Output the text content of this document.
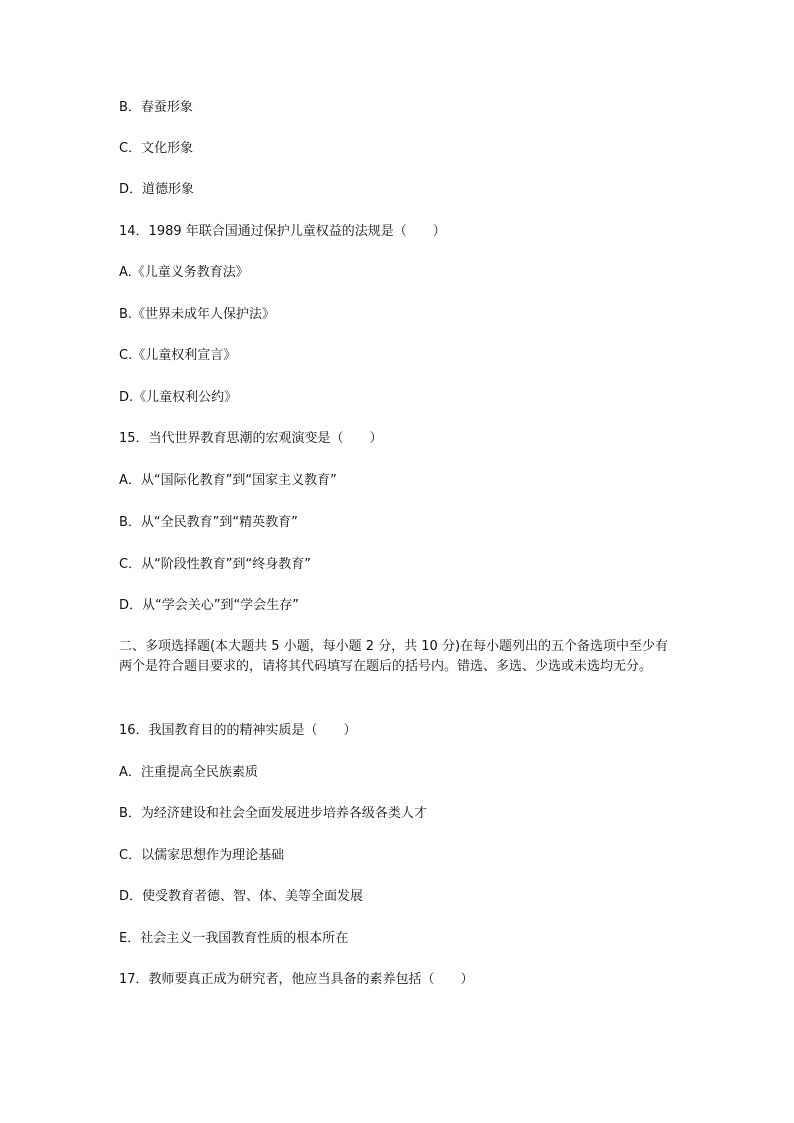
B．春蚕形象
C．文化形象
D．道德形象
14．1989 年联合国通过保护儿童权益的法规是（　　）
A.《儿童义务教育法》
B.《世界未成年人保护法》
C.《儿童权利宣言》
D.《儿童权利公约》
15．当代世界教育思潮的宏观演变是（　　）
A．从“国际化教育”到“国家主义教育”
B．从“全民教育”到“精英教育”
C．从“阶段性教育”到“终身教育”
D．从“学会关心”到“学会生存”
二、多项选择题(本大题共 5 小题，每小题 2 分，共 10 分)在每小题列出的五个备选项中至少有两个是符合题目要求的，请将其代码填写在题后的括号内。错选、多选、少选或未选均无分。
16．我国教育目的的精神实质是（　　）
A．注重提高全民族素质
B．为经济建设和社会全面发展进步培养各级各类人才
C．以儒家思想作为理论基础
D．使受教育者德、智、体、美等全面发展
E．社会主义一我国教育性质的根本所在
17．教师要真正成为研究者，他应当具备的素养包括（　　）
